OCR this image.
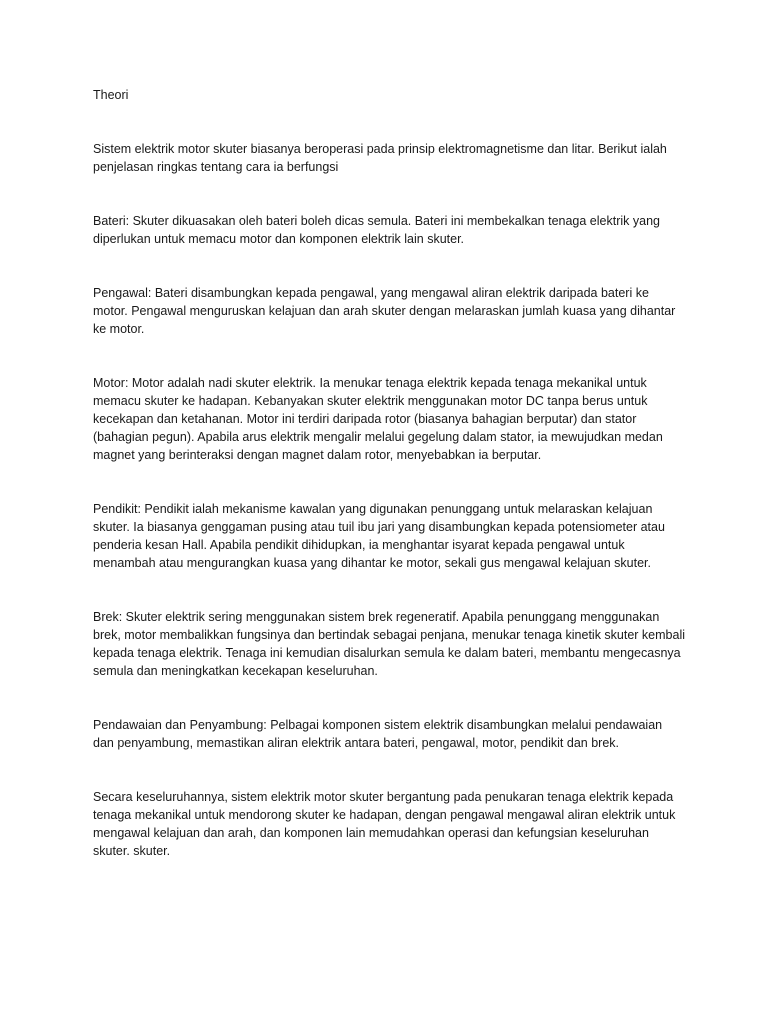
Theori

Sistem elektrik motor skuter biasanya beroperasi pada prinsip elektromagnetisme dan litar. Berikut ialah penjelasan ringkas tentang cara ia berfungsi

Bateri: Skuter dikuasakan oleh bateri boleh dicas semula. Bateri ini membekalkan tenaga elektrik yang diperlukan untuk memacu motor dan komponen elektrik lain skuter.

Pengawal: Bateri disambungkan kepada pengawal, yang mengawal aliran elektrik daripada bateri ke motor. Pengawal menguruskan kelajuan dan arah skuter dengan melaraskan jumlah kuasa yang dihantar ke motor.

Motor: Motor adalah nadi skuter elektrik. Ia menukar tenaga elektrik kepada tenaga mekanikal untuk memacu skuter ke hadapan. Kebanyakan skuter elektrik menggunakan motor DC tanpa berus untuk kecekapan dan ketahanan. Motor ini terdiri daripada rotor (biasanya bahagian berputar) dan stator (bahagian pegun). Apabila arus elektrik mengalir melalui gegelung dalam stator, ia mewujudkan medan magnet yang berinteraksi dengan magnet dalam rotor, menyebabkan ia berputar.

Pendikit: Pendikit ialah mekanisme kawalan yang digunakan penunggang untuk melaraskan kelajuan skuter. Ia biasanya genggaman pusing atau tuil ibu jari yang disambungkan kepada potensiometer atau penderia kesan Hall. Apabila pendikit dihidupkan, ia menghantar isyarat kepada pengawal untuk menambah atau mengurangkan kuasa yang dihantar ke motor, sekali gus mengawal kelajuan skuter.

Brek: Skuter elektrik sering menggunakan sistem brek regeneratif. Apabila penunggang menggunakan brek, motor membalikkan fungsinya dan bertindak sebagai penjana, menukar tenaga kinetik skuter kembali kepada tenaga elektrik. Tenaga ini kemudian disalurkan semula ke dalam bateri, membantu mengecasnya semula dan meningkatkan kecekapan keseluruhan.

Pendawaian dan Penyambung: Pelbagai komponen sistem elektrik disambungkan melalui pendawaian dan penyambung, memastikan aliran elektrik antara bateri, pengawal, motor, pendikit dan brek.

Secara keseluruhannya, sistem elektrik motor skuter bergantung pada penukaran tenaga elektrik kepada tenaga mekanikal untuk mendorong skuter ke hadapan, dengan pengawal mengawal aliran elektrik untuk mengawal kelajuan dan arah, dan komponen lain memudahkan operasi dan kefungsian keseluruhan skuter. skuter.
